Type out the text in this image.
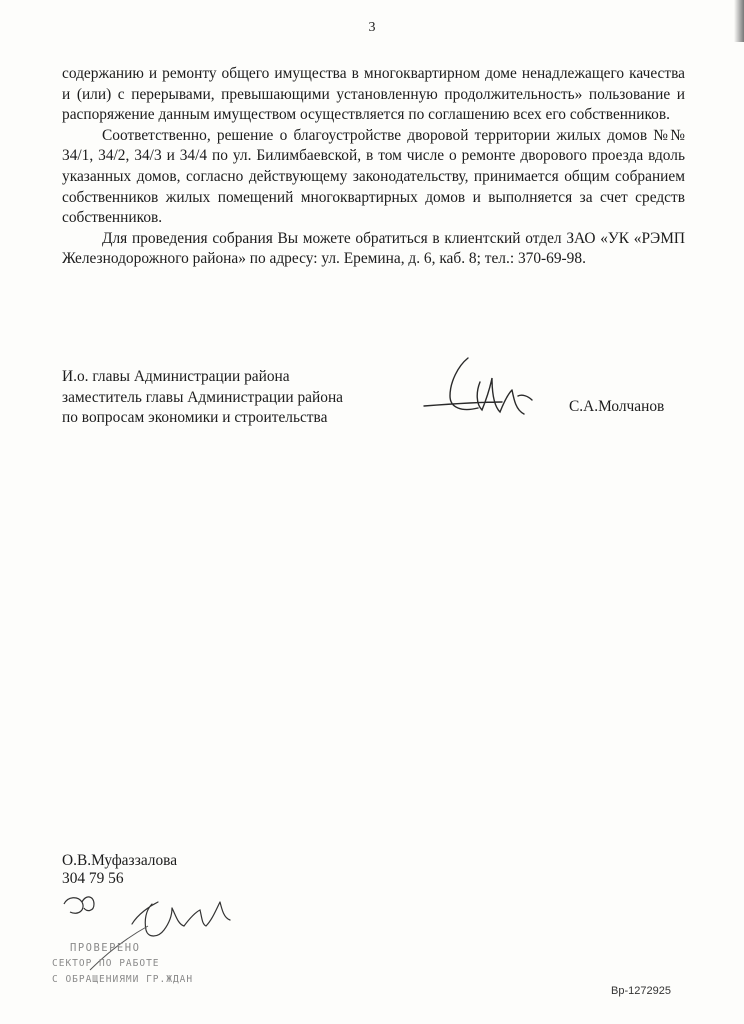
3

содержанию и ремонту общего имущества в многоквартирном доме ненадлежащего качества и (или) с перерывами, превышающими установленную продолжительность» пользование и распоряжение данным имуществом осуществляется по соглашению всех его собственников.

Соответственно, решение о благоустройстве дворовой территории жилых домов №№ 34/1, 34/2, 34/3 и 34/4 по ул. Билимбаевской, в том числе о ремонте дворового проезда вдоль указанных домов, согласно действующему законодательству, принимается общим собранием собственников жилых помещений многоквартирных домов и выполняется за счет средств собственников.

Для проведения собрания Вы можете обратиться в клиентский отдел ЗАО «УК «РЭМП Железнодорожного района» по адресу: ул. Еремина, д. 6, каб. 8; тел.: 370-69-98.

И.о. главы Администрации района
заместитель главы Администрации района
по вопросам экономики и строительства
С.А.Молчанов
О.В.Муфаззалова
304 79 56
ПРОВЕРЕНО
СЕКТОР ПО РАБОТЕ
С ОБРАЩЕНИЯМИ ГР.ЖДАН
Вр-1272925
